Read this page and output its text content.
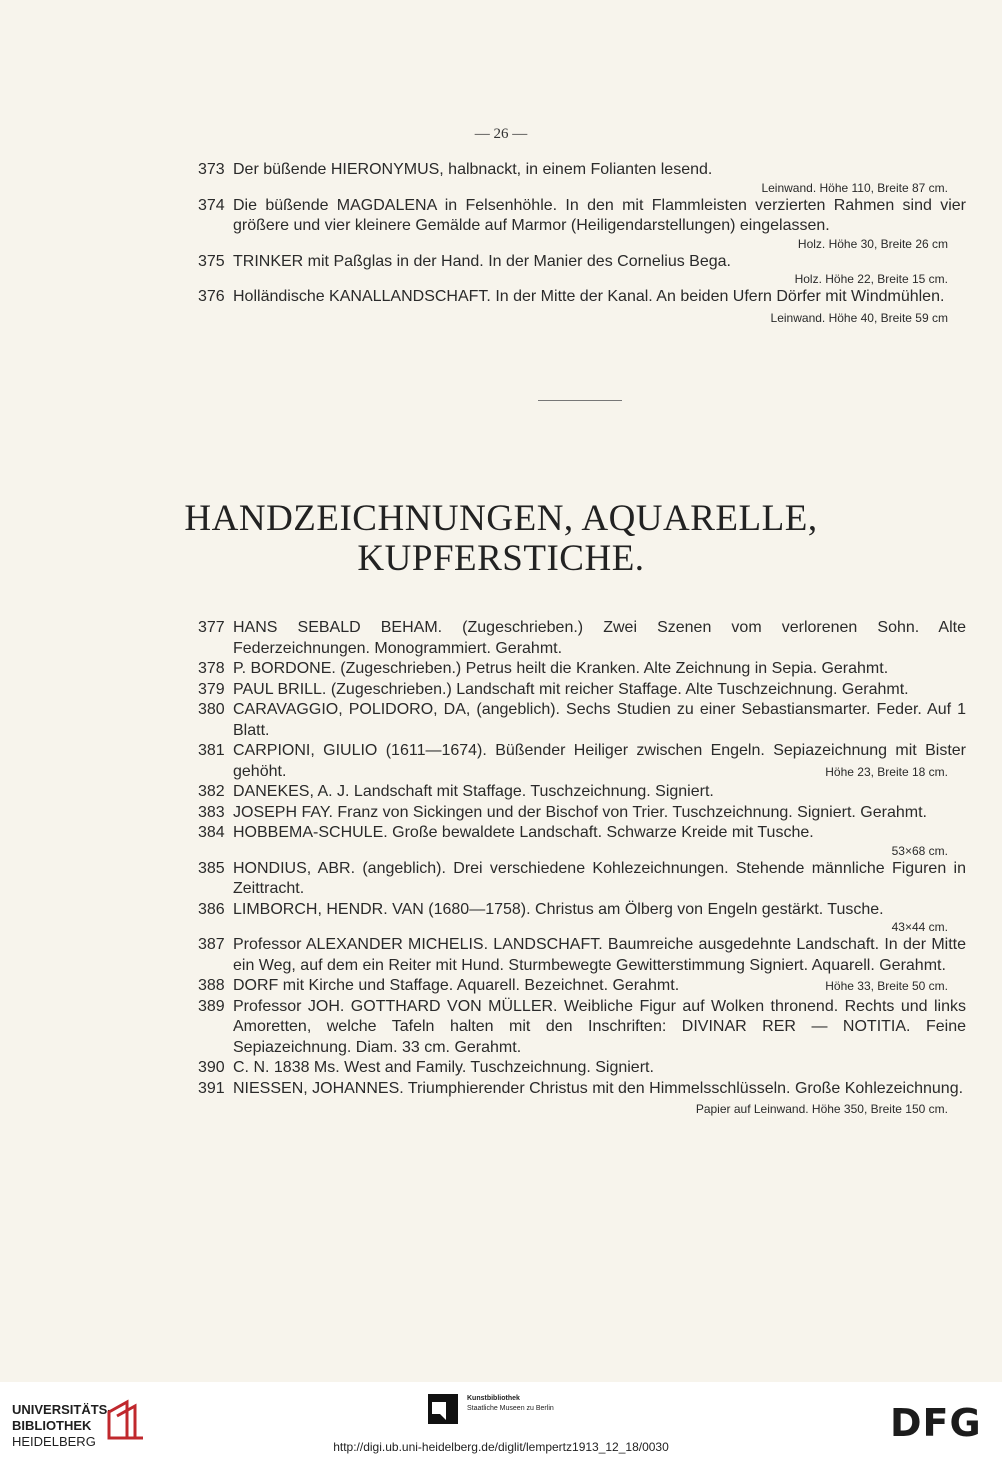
— 26 —
373 Der büßende HIERONYMUS, halbnackt, in einem Folianten lesend.
Leinwand. Höhe 110, Breite 87 cm.
374 Die büßende MAGDALENA in Felsenhöhle. In den mit Flammleisten verzierten Rahmen sind vier größere und vier kleinere Gemälde auf Marmor (Heiligendarstellungen) eingelassen.
Holz. Höhe 30, Breite 26 cm
375 TRINKER mit Paßglas in der Hand. In der Manier des Cornelius Bega.
Holz. Höhe 22, Breite 15 cm.
376 Holländische KANALLANDSCHAFT. In der Mitte der Kanal. An beiden Ufern Dörfer mit Windmühlen.
Leinwand. Höhe 40, Breite 59 cm
HANDZEICHNUNGEN, AQUARELLE,
KUPFERSTICHE.
377 HANS SEBALD BEHAM. (Zugeschrieben.) Zwei Szenen vom verlorenen Sohn. Alte Federzeichnungen. Monogrammiert. Gerahmt.
378 P. BORDONE. (Zugeschrieben.) Petrus heilt die Kranken. Alte Zeichnung in Sepia. Gerahmt.
379 PAUL BRILL. (Zugeschrieben.) Landschaft mit reicher Staffage. Alte Tuschzeichnung. Gerahmt.
380 CARAVAGGIO, POLIDORO, DA, (angeblich). Sechs Studien zu einer Sebastiansmarter. Feder. Auf 1 Blatt.
381 CARPIONI, GIULIO (1611—1674). Büßender Heiliger zwischen Engeln. Sepiazeichnung mit Bister gehöht.	Höhe 23, Breite 18 cm.
382 DANEKES, A. J. Landschaft mit Staffage. Tuschzeichnung. Signiert.
383 JOSEPH FAY. Franz von Sickingen und der Bischof von Trier. Tuschzeichnung. Signiert. Gerahmt.
384 HOBBEMA-SCHULE. Große bewaldete Landschaft. Schwarze Kreide mit Tusche.
53×68 cm.
385 HONDIUS, ABR. (angeblich). Drei verschiedene Kohlezeichnungen. Stehende männliche Figuren in Zeittracht.
386 LIMBORCH, HENDR. VAN (1680—1758). Christus am Ölberg von Engeln gestärkt. Tusche.
43×44 cm.
387 Professor ALEXANDER MICHELIS. LANDSCHAFT. Baumreiche ausgedehnte Landschaft. In der Mitte ein Weg, auf dem ein Reiter mit Hund. Sturmbewegte Gewitterstimmung Signiert. Aquarell. Gerahmt.
Höhe 33, Breite 50 cm.
388 DORF mit Kirche und Staffage. Aquarell. Bezeichnet. Gerahmt.
389 Professor JOH. GOTTHARD VON MÜLLER. Weibliche Figur auf Wolken thronend. Rechts und links Amoretten, welche Tafeln halten mit den Inschriften: DIVINAR RER — NOTITIA. Feine Sepiazeichnung. Diam. 33 cm. Gerahmt.
390 C. N. 1838 Ms. West and Family. Tuschzeichnung. Signiert.
391 NIESSEN, JOHANNES. Triumphierender Christus mit den Himmelsschlüsseln. Große Kohlezeichnung.
Papier auf Leinwand. Höhe 350, Breite 150 cm.
UNIVERSITÄTS-
BIBLIOTHEK
HEIDELBERG
Kunstbibliothek
Staatliche Museen zu Berlin	DFG
http://digi.ub.uni-heidelberg.de/diglit/lempertz1913_12_18/0030
